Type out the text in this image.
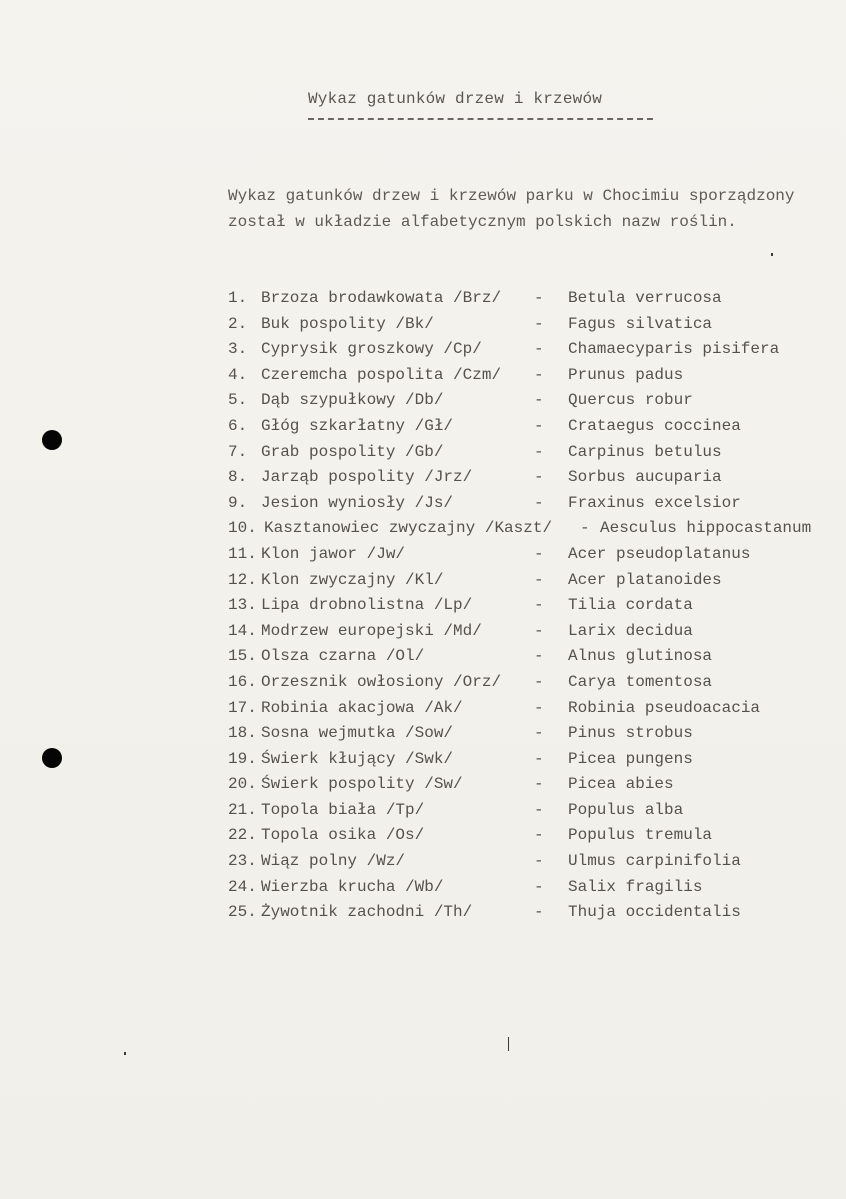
Wykaz gatunków drzew i krzewów

Wykaz gatunków drzew i krzewów parku w Chocimiu sporządzony

został w układzie alfabetycznym polskich nazw roślin.

1. Brzoza brodawkowata /Brz/ - Betula verrucosa
2. Buk pospolity /Bk/	- Fagus silvatica
3. Cyprysik groszkowy /Cp/	- Chamaecyparis pisifera
4. Czeremcha pospolita /Czm/ - Prunus padus
5. Dąb szypułkowy /Db/	- Quercus robur
6. Głóg szkarłatny /Gł/	- Crataegus coccinea
7. Grab pospolity /Gb/	- Carpinus betulus
8. Jarząb pospolity /Jrz/	- Sorbus aucuparia
9. Jesion wyniosły /Js/	- Fraxinus excelsior
10. Kasztanowiec zwyczajny /Kaszt/ - Aesculus hippocastanum
11. Klon jawor /Jw/	- Acer pseudoplatanus
12. Klon zwyczajny /Kl/	- Acer platanoides
13. Lipa drobnolistna /Lp/	- Tilia cordata
14. Modrzew europejski /Md/	- Larix decidua
15. Olsza czarna /Ol/	- Alnus glutinosa
16. Orzesznik owłosiony /Orz/ - Carya tomentosa
17. Robinia akacjowa /Ak/	- Robinia pseudoacacia
18. Sosna wejmutka /Sow/	- Pinus strobus
19. Świerk kłujący /Swk/	- Picea pungens
20. Świerk pospolity /Sw/	- Picea abies
21. Topola biała /Tp/	- Populus alba
22. Topola osika /Os/	- Populus tremula
23. Wiąz polny /Wz/	- Ulmus carpinifolia
24. Wierzba krucha /Wb/	- Salix fragilis
25. Żywotnik zachodni /Th/	- Thuja occidentalis
